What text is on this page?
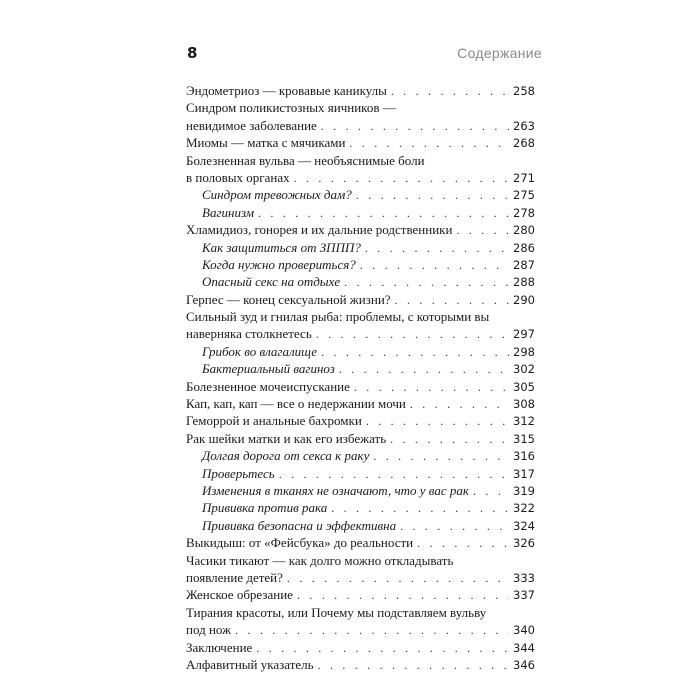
8	Содержание
Эндометриоз — кровавые каникулы . . .	258
Синдром поликистозных яичников —
невидимое заболевание . . .	263
Миомы — матка с мячиками . . .	268
Болезненная вульва — необъяснимые боли
в половых органах . . .	271
Синдром тревожных дам? . . .	275
Вагинизм . . .	278
Хламидиоз, гонорея и их дальние родственники . . .	280
Как защититься от ЗППП? . . .	286
Когда нужно провериться? . . .	287
Опасный секс на отдыхе . . .	288
Герпес — конец сексуальной жизни? . . .	290
Сильный зуд и гнилая рыба: проблемы, с которыми вы
наверняка столкнетесь . . .	297
Грибок во влагалище . . .	298
Бактериальный вагиноз . . .	302
Болезненное мочеиспускание . . .	305
Кап, кап, кап — все о недержании мочи . . .	308
Геморрой и анальные бахромки . . .	312
Рак шейки матки и как его избежать . . .	315
Долгая дорога от секса к раку . . .	316
Проверьтесь . . .	317
Изменения в тканях не означают, что у вас рак . . .	319
Прививка против рака . . .	322
Прививка безопасна и эффективна . . .	324
Выкидыш: от «Фейсбука» до реальности . . .	326
Часики тикают — как долго можно откладывать
появление детей? . . .	333
Женское обрезание . . .	337
Тирания красоты, или Почему мы подставляем вульву
под нож . . .	340
Заключение . . .	344
Алфавитный указатель . . .	346
